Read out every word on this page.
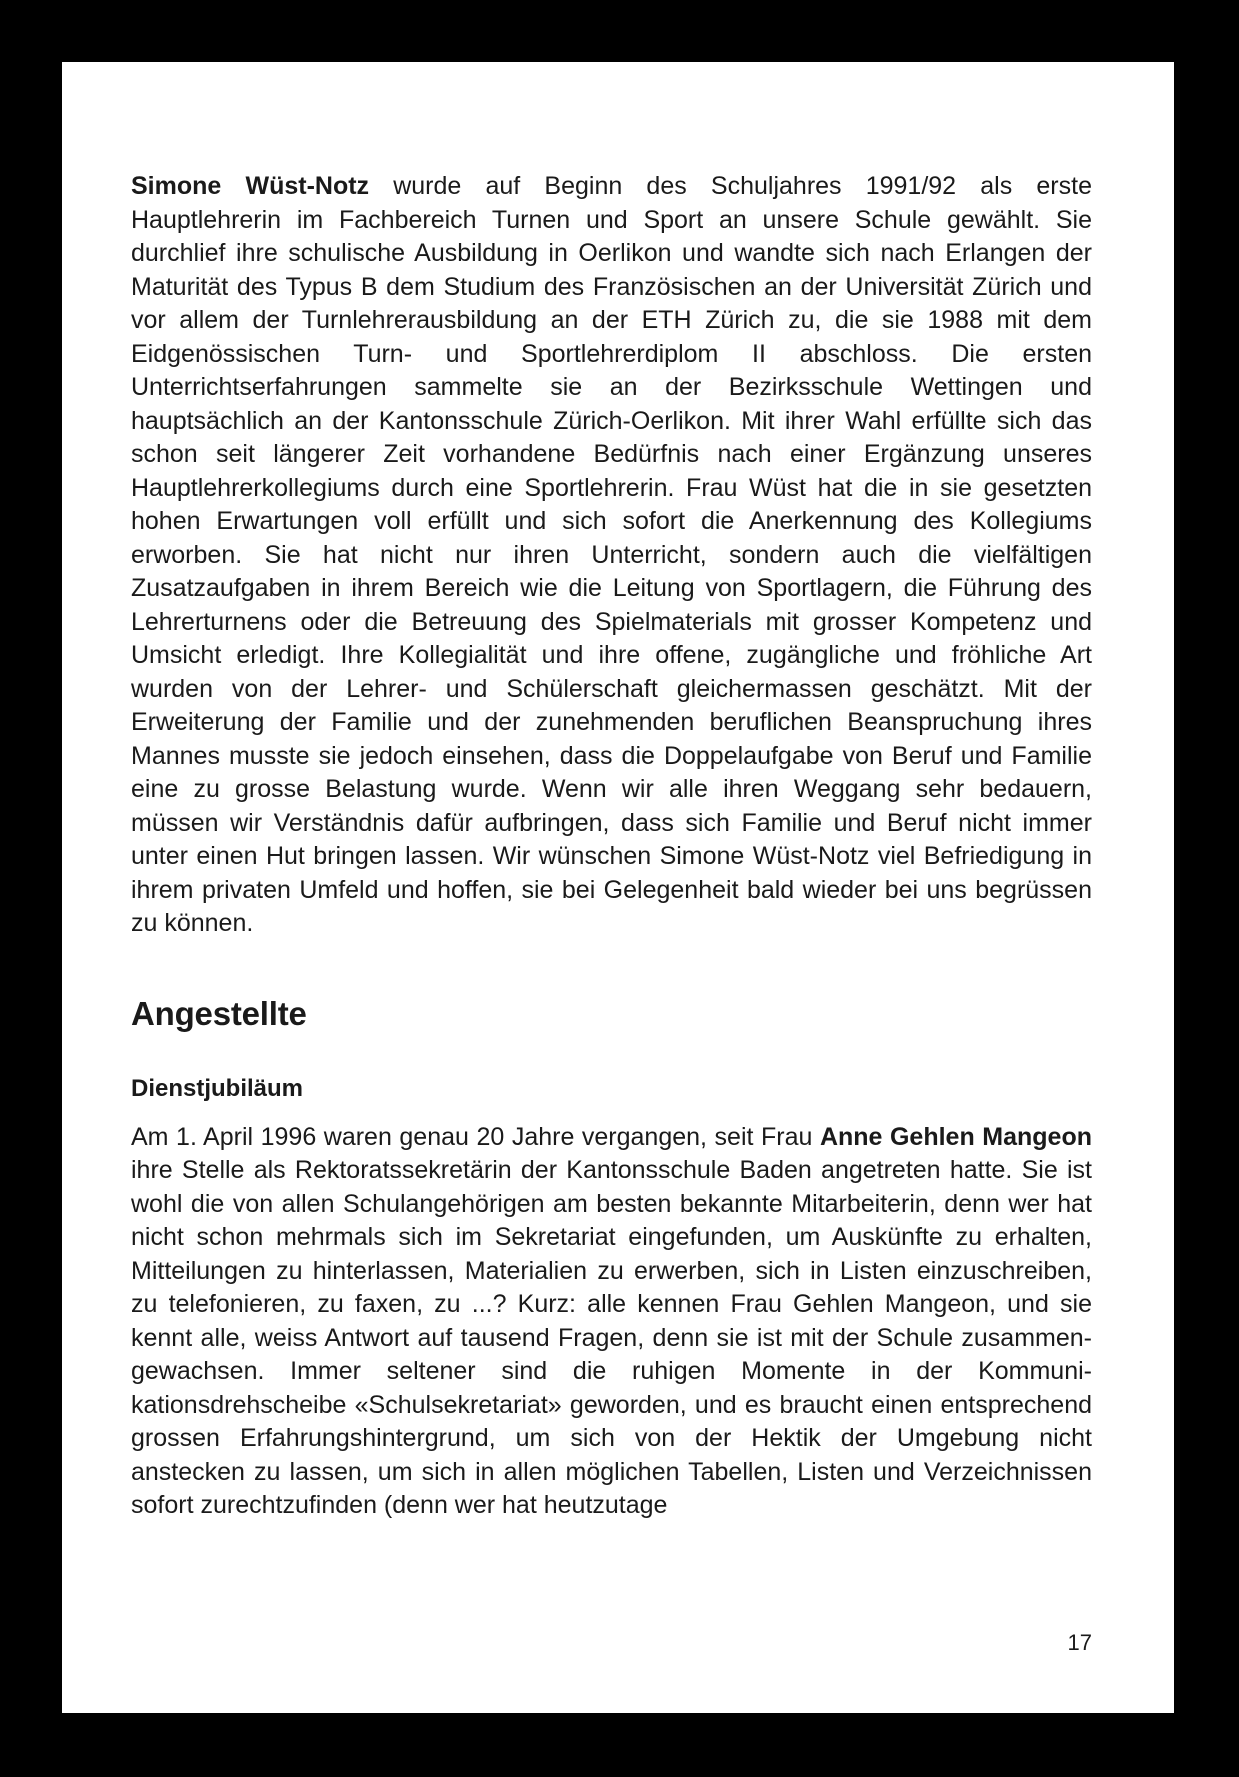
Simone Wüst-Notz wurde auf Beginn des Schuljahres 1991/92 als erste Hauptlehrerin im Fachbereich Turnen und Sport an unsere Schule gewählt. Sie durchlief ihre schulische Ausbildung in Oerlikon und wandte sich nach Erlangen der Maturität des Typus B dem Studium des Französischen an der Universität Zürich und vor allem der Turnlehrerausbildung an der ETH Zürich zu, die sie 1988 mit dem Eidgenössischen Turn- und Sportlehrerdiplom II abschloss. Die ersten Unterrichtserfahrungen sammelte sie an der Bezirksschule Wettingen und hauptsächlich an der Kantonsschule Zürich-Oerlikon. Mit ihrer Wahl erfüllte sich das schon seit längerer Zeit vorhandene Bedürfnis nach einer Ergänzung unseres Hauptlehrerkollegiums durch eine Sportlehrerin. Frau Wüst hat die in sie gesetzten hohen Erwartungen voll erfüllt und sich sofort die Anerkennung des Kollegiums erworben. Sie hat nicht nur ihren Unterricht, sondern auch die vielfältigen Zusatzaufgaben in ihrem Bereich wie die Leitung von Sportlagern, die Führung des Lehrerturnens oder die Betreuung des Spielmaterials mit grosser Kompetenz und Umsicht erledigt. Ihre Kollegialität und ihre offene, zugängliche und fröhliche Art wurden von der Lehrer- und Schülerschaft gleichermassen geschätzt. Mit der Erweiterung der Familie und der zunehmenden beruflichen Beanspruchung ihres Mannes musste sie jedoch einsehen, dass die Doppelaufgabe von Beruf und Familie eine zu grosse Belastung wurde. Wenn wir alle ihren Weggang sehr bedauern, müssen wir Verständnis dafür aufbringen, dass sich Familie und Beruf nicht immer unter einen Hut bringen lassen. Wir wünschen Simone Wüst-Notz viel Befriedigung in ihrem privaten Umfeld und hoffen, sie bei Gelegenheit bald wieder bei uns begrüssen zu können.

Angestellte
Dienstjubiläum

Am 1. April 1996 waren genau 20 Jahre vergangen, seit Frau Anne Gehlen Mangeon ihre Stelle als Rektoratssekretärin der Kantonsschule Baden angetreten hatte. Sie ist wohl die von allen Schulangehörigen am besten bekannte Mitarbeiterin, denn wer hat nicht schon mehrmals sich im Sekretariat eingefunden, um Auskünfte zu erhalten, Mitteilungen zu hinterlassen, Materialien zu erwerben, sich in Listen einzuschreiben, zu telefonieren, zu faxen, zu ...? Kurz: alle kennen Frau Gehlen Mangeon, und sie kennt alle, weiss Antwort auf tausend Fragen, denn sie ist mit der Schule zusammengewachsen. Immer seltener sind die ruhigen Momente in der Kommunikationsdrehscheibe «Schulsekretariat» geworden, und es braucht einen entsprechend grossen Erfahrungshintergrund, um sich von der Hektik der Umgebung nicht anstecken zu lassen, um sich in allen möglichen Tabellen, Listen und Verzeichnissen sofort zurechtzufinden (denn wer hat heutzutage

17
